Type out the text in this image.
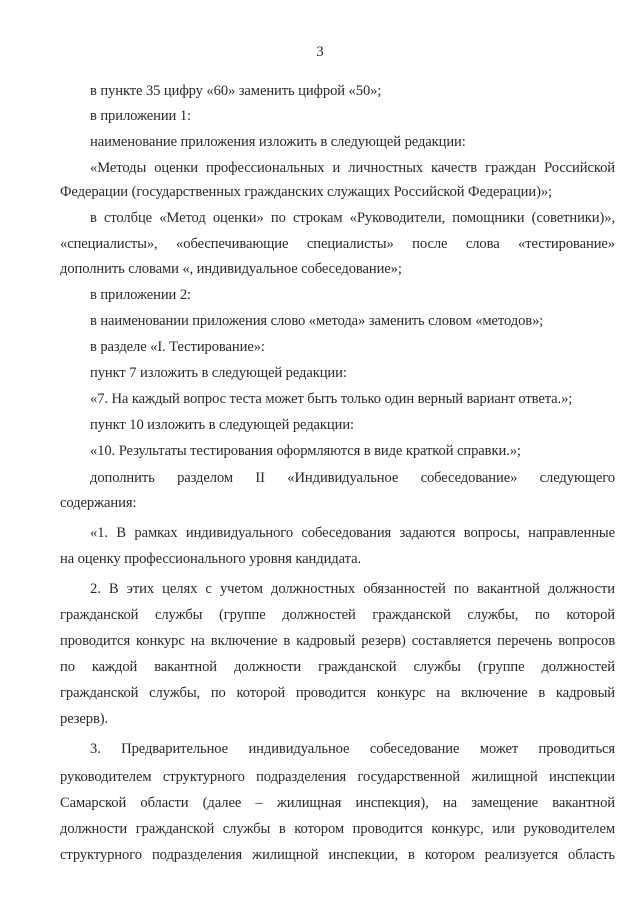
3
в пункте 35 цифру «60» заменить цифрой «50»;
в приложении 1:
наименование приложения изложить в следующей редакции:
«Методы оценки профессиональных и личностных качеств граждан Российской
Федерации (государственных гражданских служащих Российской Федерации)»;
в столбце «Метод оценки» по строкам «Руководители, помощники (советники)»,
«специалисты», «обеспечивающие специалисты» после слова «тестирование»
дополнить словами «, индивидуальное собеседование»;
в приложении 2:
в наименовании приложения слово «метода» заменить словом «методов»;
в разделе «I. Тестирование»:
пункт 7 изложить в следующей редакции:
«7. На каждый вопрос теста может быть только один верный вариант ответа.»;
пункт 10 изложить в следующей редакции:
«10. Результаты тестирования оформляются в виде краткой справки.»;
дополнить разделом II «Индивидуальное собеседование» следующего
содержания:
«1. В рамках индивидуального собеседования задаются вопросы, направленные
на оценку профессионального уровня кандидата.
2. В этих целях с учетом должностных обязанностей по вакантной должности
гражданской службы (группе должностей гражданской службы, по которой
проводится конкурс на включение в кадровый резерв) составляется перечень вопросов
по каждой вакантной должности гражданской службы (группе должностей
гражданской службы, по которой проводится конкурс на включение в кадровый
резерв).
3. Предварительное индивидуальное собеседование может проводиться
руководителем структурного подразделения государственной жилищной инспекции
Самарской области (далее – жилищная инспекция), на замещение вакантной
должности гражданской службы в котором проводится конкурс, или руководителем
структурного подразделения жилищной инспекции, в котором реализуется область
